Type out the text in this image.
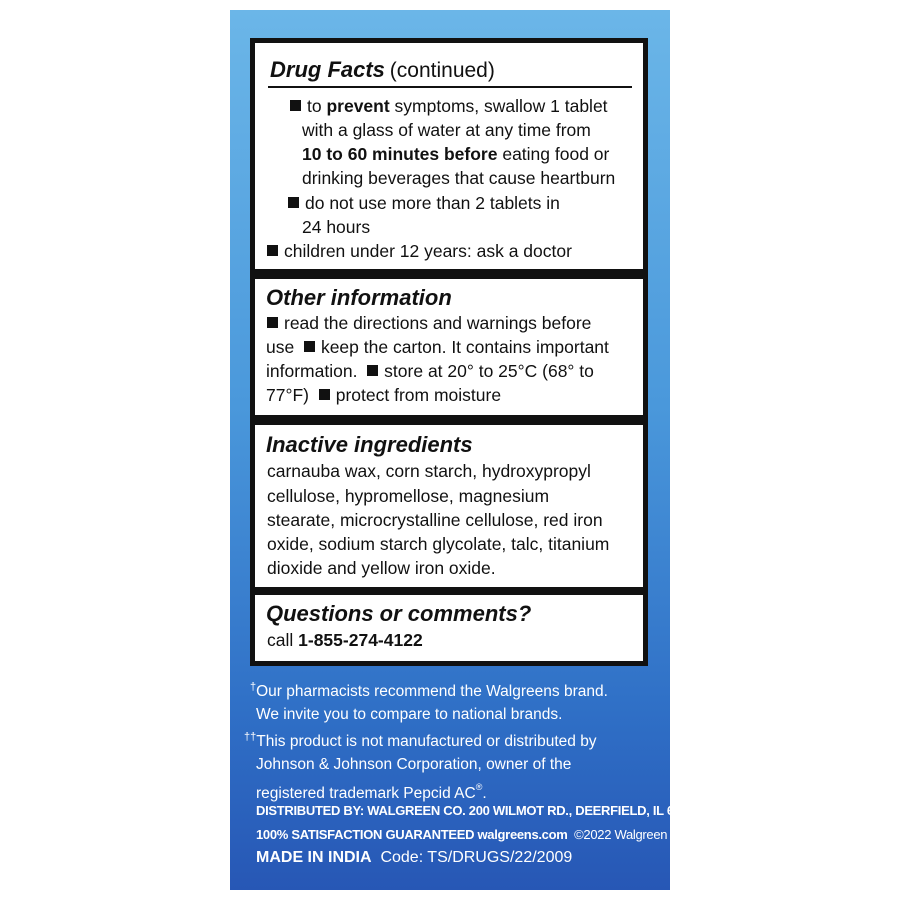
Drug Facts (continued)
to prevent symptoms, swallow 1 tablet
with a glass of water at any time from
10 to 60 minutes before eating food or
drinking beverages that cause heartburn
do not use more than 2 tablets in
24 hours
children under 12 years: ask a doctor
Other information
read the directions and warnings before
use keep the carton. It contains important
information. store at 20° to 25°C (68° to
77°F) protect from moisture
Inactive ingredients
carnauba wax, corn starch, hydroxypropyl
cellulose, hypromellose, magnesium
stearate, microcrystalline cellulose, red iron
oxide, sodium starch glycolate, talc, titanium
dioxide and yellow iron oxide.
Questions or comments?
call 1-855-274-4122
†Our pharmacists recommend the Walgreens brand.
We invite you to compare to national brands.
††This product is not manufactured or distributed by
Johnson & Johnson Corporation, owner of the
registered trademark Pepcid AC®.
DISTRIBUTED BY: WALGREEN CO. 200 WILMOT RD., DEERFIELD, IL 60015
100% SATISFACTION GUARANTEED walgreens.com ©2022 Walgreen Co.
MADE IN INDIA Code: TS/DRUGS/22/2009
